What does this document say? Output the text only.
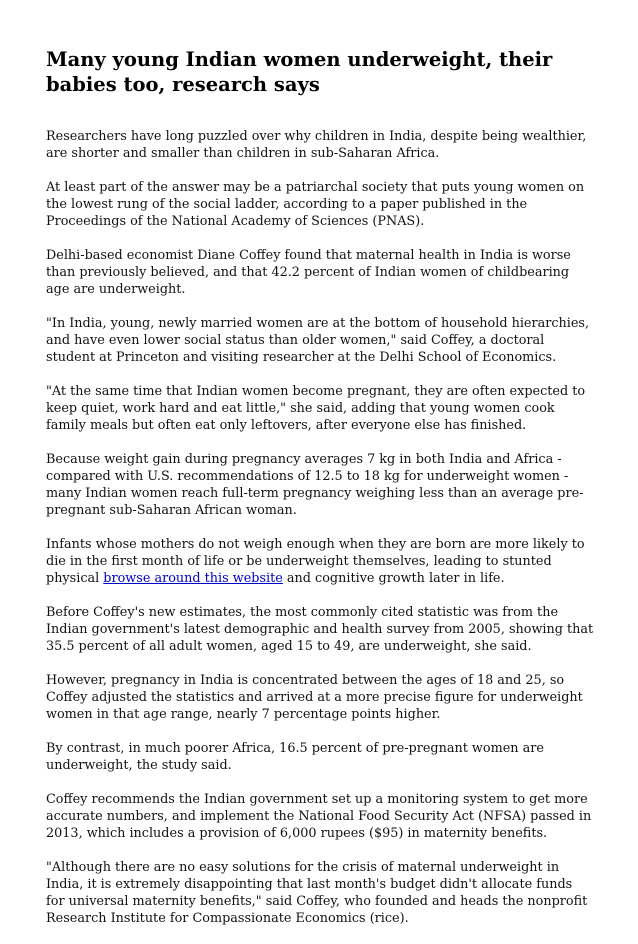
Many young Indian women underweight, their babies too, research says

Researchers have long puzzled over why children in India, despite being wealthier, are shorter and smaller than children in sub-Saharan Africa.

At least part of the answer may be a patriarchal society that puts young women on the lowest rung of the social ladder, according to a paper published in the Proceedings of the National Academy of Sciences (PNAS).

Delhi-based economist Diane Coffey found that maternal health in India is worse than previously believed, and that 42.2 percent of Indian women of childbearing age are underweight.

"In India, young, newly married women are at the bottom of household hierarchies, and have even lower social status than older women," said Coffey, a doctoral student at Princeton and visiting researcher at the Delhi School of Economics.

"At the same time that Indian women become pregnant, they are often expected to keep quiet, work hard and eat little," she said, adding that young women cook family meals but often eat only leftovers, after everyone else has finished.

Because weight gain during pregnancy averages 7 kg in both India and Africa - compared with U.S. recommendations of 12.5 to 18 kg for underweight women - many Indian women reach full-term pregnancy weighing less than an average pre-pregnant sub-Saharan African woman.

Infants whose mothers do not weigh enough when they are born are more likely to die in the first month of life or be underweight themselves, leading to stunted physical browse around this website and cognitive growth later in life.

Before Coffey's new estimates, the most commonly cited statistic was from the Indian government's latest demographic and health survey from 2005, showing that 35.5 percent of all adult women, aged 15 to 49, are underweight, she said.

However, pregnancy in India is concentrated between the ages of 18 and 25, so Coffey adjusted the statistics and arrived at a more precise figure for underweight women in that age range, nearly 7 percentage points higher.

By contrast, in much poorer Africa, 16.5 percent of pre-pregnant women are underweight, the study said.

Coffey recommends the Indian government set up a monitoring system to get more accurate numbers, and implement the National Food Security Act (NFSA) passed in 2013, which includes a provision of 6,000 rupees ($95) in maternity benefits.

"Although there are no easy solutions for the crisis of maternal underweight in India, it is extremely disappointing that last month's budget didn't allocate funds for universal maternity benefits," said Coffey, who founded and heads the nonprofit Research Institute for Compassionate Economics (rice).
